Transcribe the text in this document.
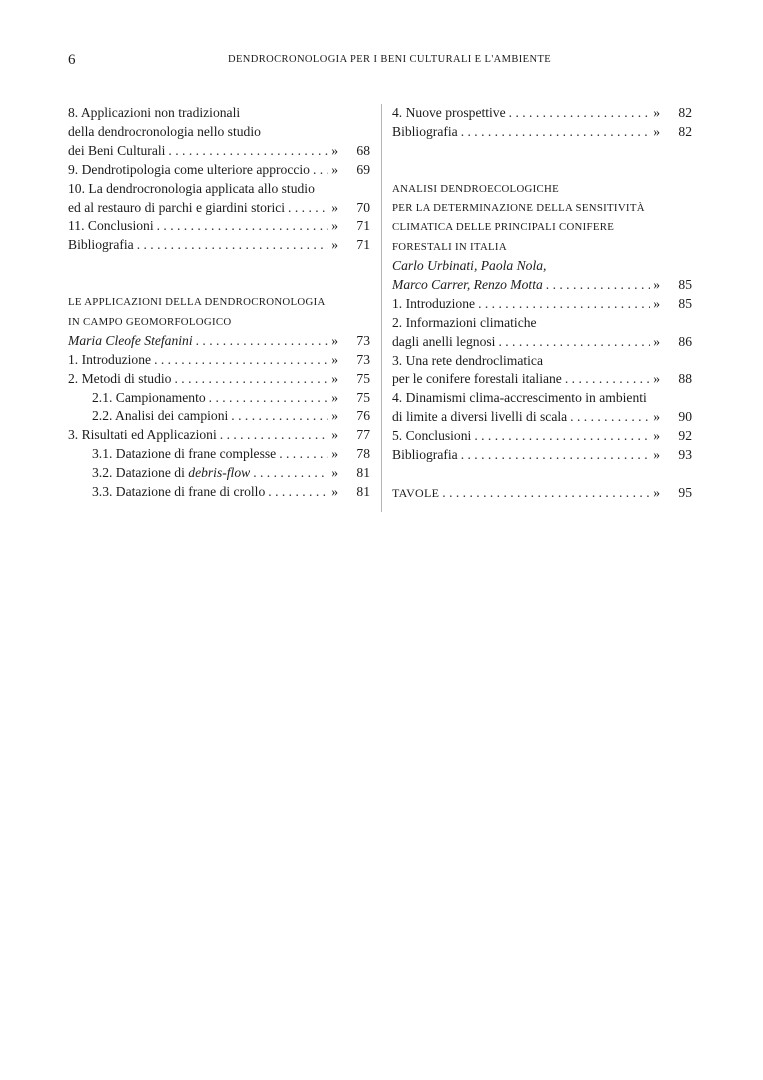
6	DENDROCRONOLOGIA PER I BENI CULTURALI E L'AMBIENTE
8. Applicazioni non tradizionali
della dendrocronologia nello studio
dei Beni Culturali . . .	»	68
9. Dendrotipologia come ulteriore approccio . . . »	69
10. La dendrocronologia applicata allo studio
ed al restauro di parchi e giardini storici . . .	»	70
11. Conclusioni . . .	»	71
Bibliografia . . .	»	71
LE APPLICAZIONI DELLA DENDROCRONOLOGIA
IN CAMPO GEOMORFOLOGICO
Maria Cleofe Stefanini . . .	»	73
1. Introduzione . . .	»	73
2. Metodi di studio . . .	»	75
2.1. Campionamento . . .	»	75
2.2. Analisi dei campioni . . .	»	76
3. Risultati ed Applicazioni . . .	»	77
3.1. Datazione di frane complesse . . .	»	78
3.2. Datazione di debris-flow . . .	»	81
3.3. Datazione di frane di crollo . . .	»	81
4. Nuove prospettive . . .	»	82
Bibliografia . . .	»	82
ANALISI DENDROECOLOGICHE
PER LA DETERMINAZIONE DELLA SENSITIVITÀ
CLIMATICA DELLE PRINCIPALI CONIFERE
FORESTALI IN ITALIA
Carlo Urbinati, Paola Nola,
Marco Carrer, Renzo Motta . . .	»	85
1. Introduzione . . .	»	85
2. Informazioni climatiche
dagli anelli legnosi . . .	»	86
3. Una rete dendroclimatica
per le conifere forestali italiane . . .	»	88
4. Dinamismi clima-accrescimento in ambienti
di limite a diversi livelli di scala . . .	»	90
5. Conclusioni . . .	»	92
Bibliografia . . .	»	93
TAVOLE . . .	»	95
